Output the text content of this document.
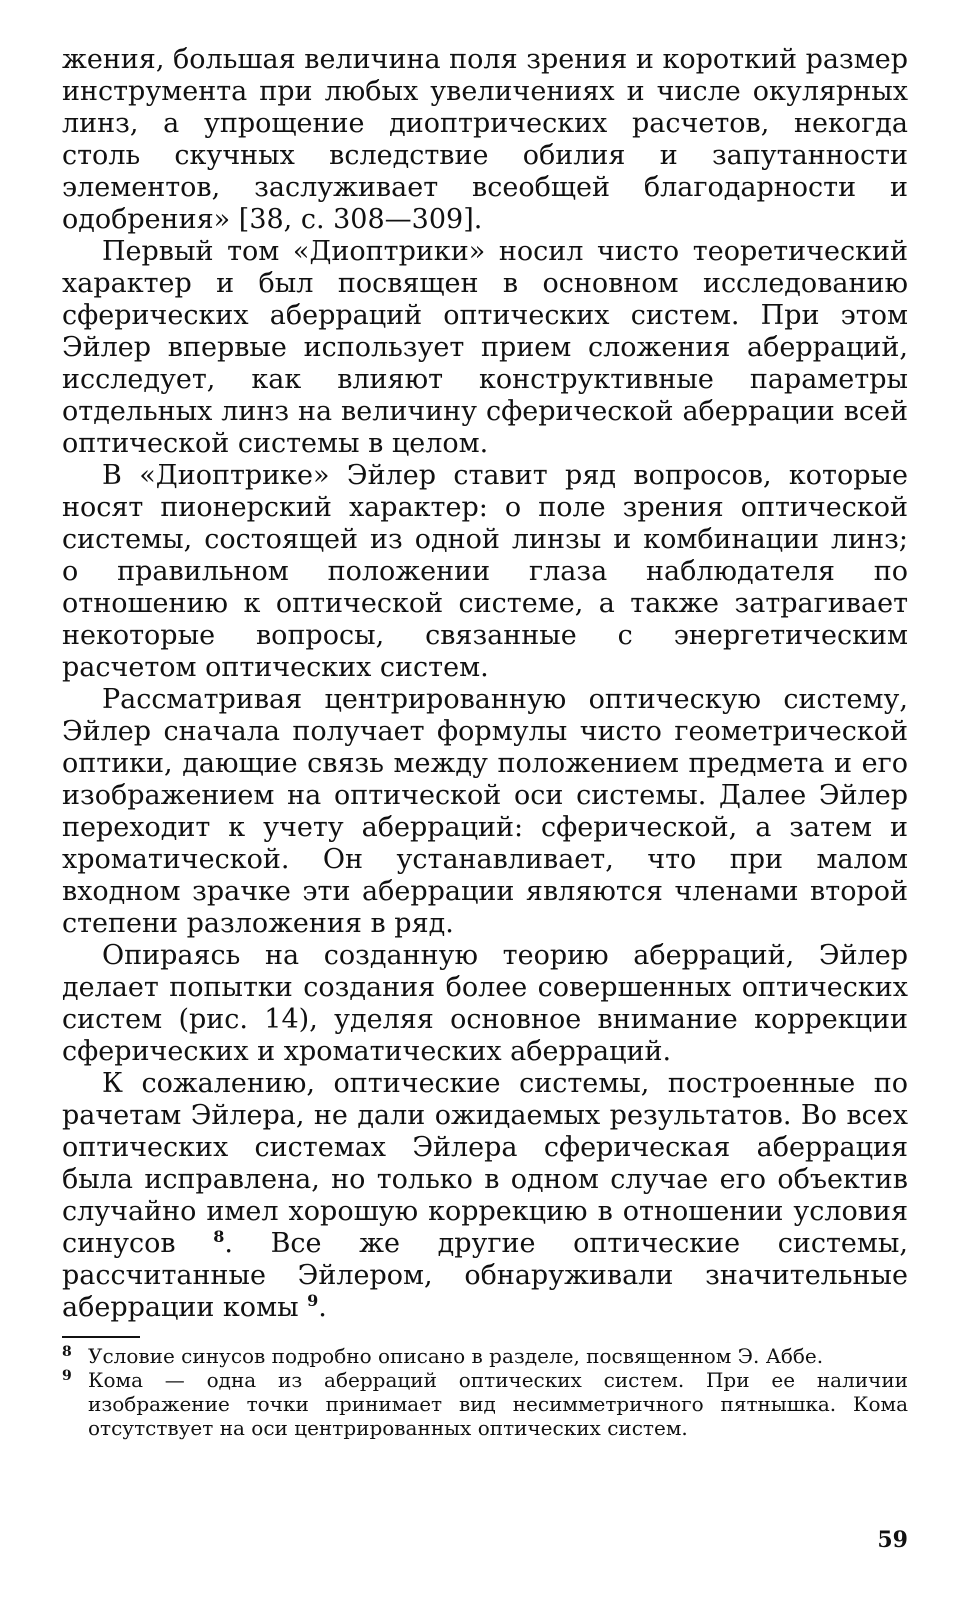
жения, большая величина поля зрения и короткий размер инструмента при любых увеличениях и числе окулярных линз, а упрощение диоптрических расчетов, некогда столь скучных вследствие обилия и запутанности элементов, заслуживает всеобщей благодарности и одобрения» [38, с. 308—309].

Первый том «Диоптрики» носил чисто теоретический характер и был посвящен в основном исследованию сферических аберраций оптических систем. При этом Эйлер впервые использует прием сложения аберраций, исследует, как влияют конструктивные параметры отдельных линз на величину сферической аберрации всей оптической системы в целом.

В «Диоптрике» Эйлер ставит ряд вопросов, которые носят пионерский характер: о поле зрения оптической системы, состоящей из одной линзы и комбинации линз; о правильном положении глаза наблюдателя по отношению к оптической системе, а также затрагивает некоторые вопросы, связанные с энергетическим расчетом оптических систем.

Рассматривая центрированную оптическую систему, Эйлер сначала получает формулы чисто геометрической оптики, дающие связь между положением предмета и его изображением на оптической оси системы. Далее Эйлер переходит к учету аберраций: сферической, а затем и хроматической. Он устанавливает, что при малом входном зрачке эти аберрации являются членами второй степени разложения в ряд.

Опираясь на созданную теорию аберраций, Эйлер делает попытки создания более совершенных оптических систем (рис. 14), уделяя основное внимание коррекции сферических и хроматических аберраций.

К сожалению, оптические системы, построенные по рачетам Эйлера, не дали ожидаемых результатов. Во всех оптических системах Эйлера сферическая аберрация была исправлена, но только в одном случае его объектив случайно имел хорошую коррекцию в отношении условия синусов $^8$. Все же другие оптические системы, рассчитанные Эйлером, обнаруживали значительные аберрации комы $^9$.

8 Условие синусов подробно описано в разделе, посвященном Э. Аббе.

9 Кома — одна из аберраций оптических систем. При ее наличии изображение точки принимает вид несимметричного пятнышка. Кома отсутствует на оси центрированных оптических систем.

59
